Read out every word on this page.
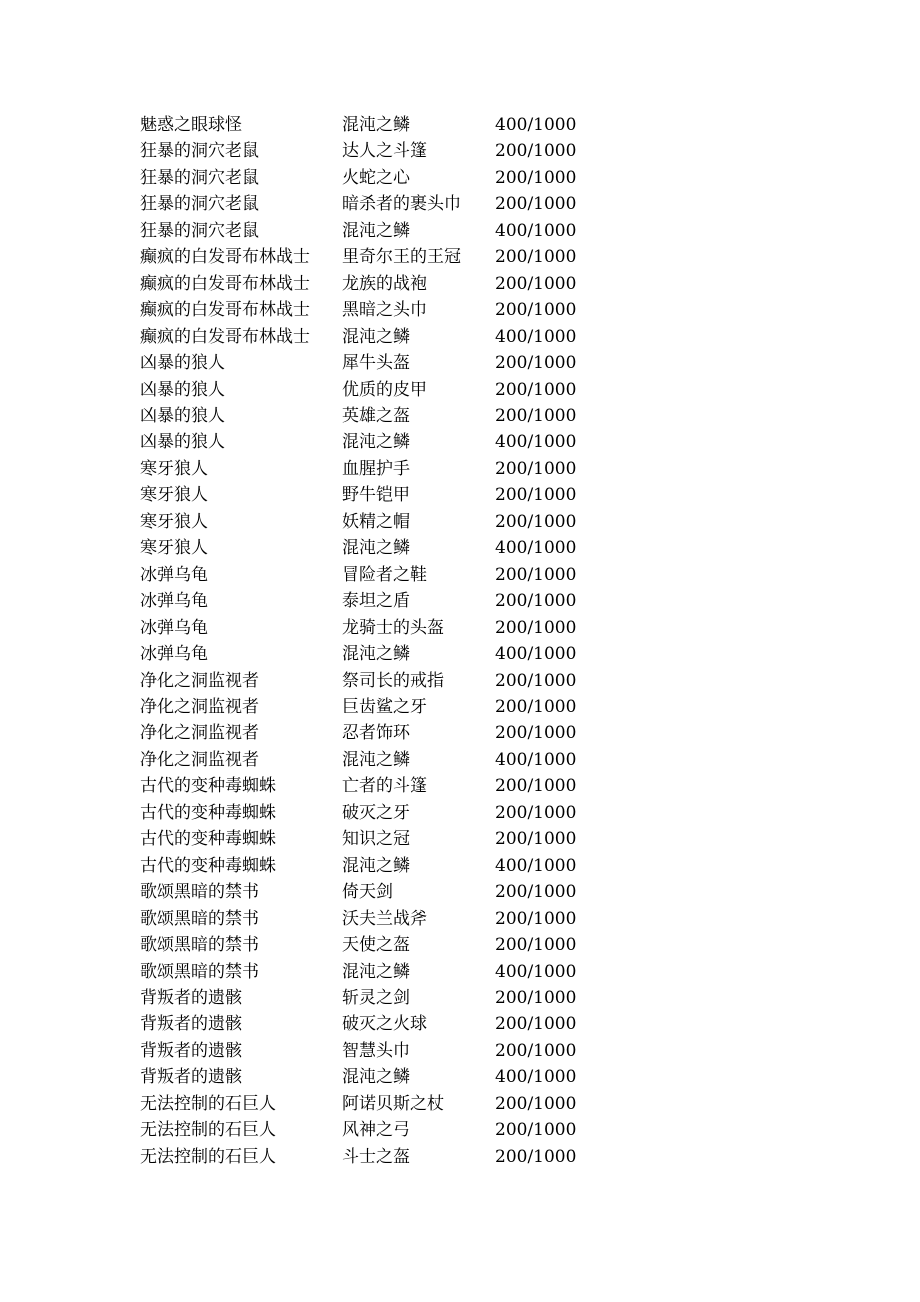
魅惑之眼球怪	混沌之鳞	400/1000
狂暴的洞穴老鼠	达人之斗篷	200/1000
狂暴的洞穴老鼠	火蛇之心	200/1000
狂暴的洞穴老鼠	暗杀者的裹头巾	200/1000
狂暴的洞穴老鼠	混沌之鳞	400/1000
癫疯的白发哥布林战士	里奇尔王的王冠	200/1000
癫疯的白发哥布林战士	龙族的战袍	200/1000
癫疯的白发哥布林战士	黑暗之头巾	200/1000
癫疯的白发哥布林战士	混沌之鳞	400/1000
凶暴的狼人	犀牛头盔	200/1000
凶暴的狼人	优质的皮甲	200/1000
凶暴的狼人	英雄之盔	200/1000
凶暴的狼人	混沌之鳞	400/1000
寒牙狼人	血腥护手	200/1000
寒牙狼人	野牛铠甲	200/1000
寒牙狼人	妖精之帽	200/1000
寒牙狼人	混沌之鳞	400/1000
冰弹乌龟	冒险者之鞋	200/1000
冰弹乌龟	泰坦之盾	200/1000
冰弹乌龟	龙骑士的头盔	200/1000
冰弹乌龟	混沌之鳞	400/1000
净化之洞监视者	祭司长的戒指	200/1000
净化之洞监视者	巨齿鲨之牙	200/1000
净化之洞监视者	忍者饰环	200/1000
净化之洞监视者	混沌之鳞	400/1000
古代的变种毒蜘蛛	亡者的斗篷	200/1000
古代的变种毒蜘蛛	破灭之牙	200/1000
古代的变种毒蜘蛛	知识之冠	200/1000
古代的变种毒蜘蛛	混沌之鳞	400/1000
歌颂黑暗的禁书	倚天剑	200/1000
歌颂黑暗的禁书	沃夫兰战斧	200/1000
歌颂黑暗的禁书	天使之盔	200/1000
歌颂黑暗的禁书	混沌之鳞	400/1000
背叛者的遗骸	斩灵之剑	200/1000
背叛者的遗骸	破灭之火球	200/1000
背叛者的遗骸	智慧头巾	200/1000
背叛者的遗骸	混沌之鳞	400/1000
无法控制的石巨人	阿诺贝斯之杖	200/1000
无法控制的石巨人	风神之弓	200/1000
无法控制的石巨人	斗士之盔	200/1000
